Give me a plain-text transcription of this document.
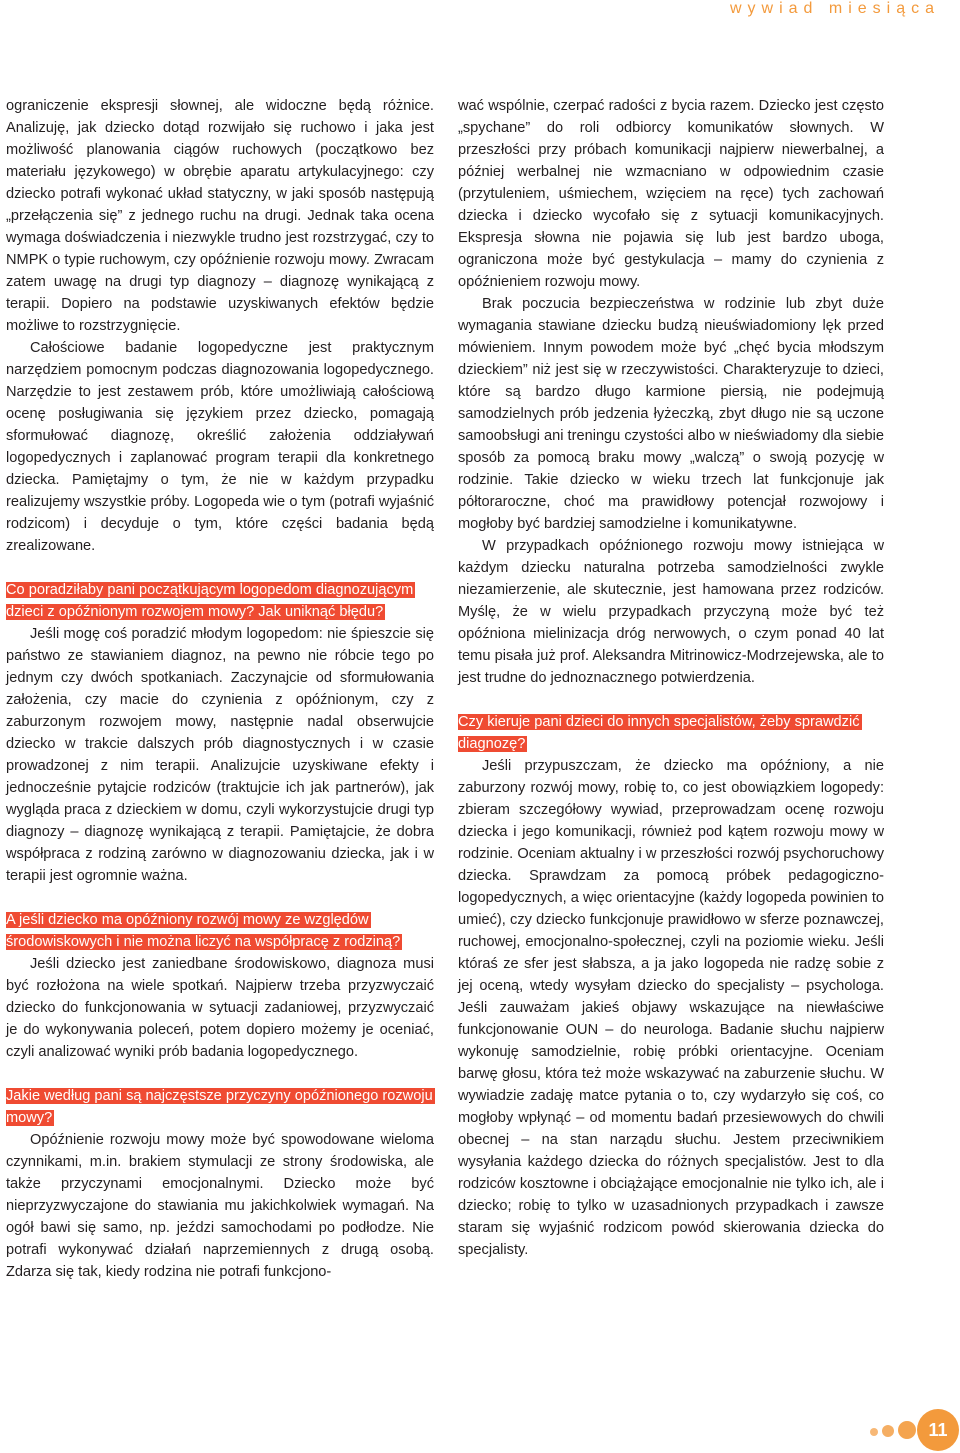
wywiad miesiąca

ograniczenie ekspresji słownej, ale widoczne będą różnice. Analizuję, jak dziecko dotąd rozwijało się ruchowo i jaka jest możliwość planowania ciągów ruchowych (początkowo bez materiału językowego) w obrębie aparatu artykulacyjnego: czy dziecko potrafi wykonać układ statyczny, w jaki sposób następują „przełączenia się” z jednego ruchu na drugi. Jednak taka ocena wymaga doświadczenia i niezwykle trudno jest rozstrzygać, czy to NMPK o typie ruchowym, czy opóźnienie rozwoju mowy. Zwracam zatem uwagę na drugi typ diagnozy – diagnozę wynikającą z terapii. Dopiero na podstawie uzyskiwanych efektów będzie możliwe to rozstrzygnięcie.

Całościowe badanie logopedyczne jest praktycznym narzędziem pomocnym podczas diagnozowania logopedycznego. Narzędzie to jest zestawem prób, które umożliwiają całościową ocenę posługiwania się językiem przez dziecko, pomagają sformułować diagnozę, określić założenia oddziaływań logopedycznych i zaplanować program terapii dla konkretnego dziecka. Pamiętajmy o tym, że nie w każdym przypadku realizujemy wszystkie próby. Logopeda wie o tym (potrafi wyjaśnić rodzicom) i decyduje o tym, które części badania będą zrealizowane.

Co poradziłaby pani początkującym logopedom diagnozującym dzieci z opóźnionym rozwojem mowy? Jak uniknąć błędu?

Jeśli mogę coś poradzić młodym logopedom: nie śpieszcie się państwo ze stawianiem diagnoz, na pewno nie róbcie tego po jednym czy dwóch spotkaniach. Zaczynajcie od sformułowania założenia, czy macie do czynienia z opóźnionym, czy z zaburzonym rozwojem mowy, następnie nadal obserwujcie dziecko w trakcie dalszych prób diagnostycznych i w czasie prowadzonej z nim terapii. Analizujcie uzyskiwane efekty i jednocześnie pytajcie rodziców (traktujcie ich jak partnerów), jak wygląda praca z dzieckiem w domu, czyli wykorzystujcie drugi typ diagnozy – diagnozę wynikającą z terapii. Pamiętajcie, że dobra współpraca z rodziną zarówno w diagnozowaniu dziecka, jak i w terapii jest ogromnie ważna.

A jeśli dziecko ma opóźniony rozwój mowy ze względów środowiskowych i nie można liczyć na współpracę z rodziną?

Jeśli dziecko jest zaniedbane środowiskowo, diagnoza musi być rozłożona na wiele spotkań. Najpierw trzeba przyzwyczaić dziecko do funkcjonowania w sytuacji zadaniowej, przyzwyczaić je do wykonywania poleceń, potem dopiero możemy je oceniać, czyli analizować wyniki prób badania logopedycznego.

Jakie według pani są najczęstsze przyczyny opóźnionego rozwoju mowy?

Opóźnienie rozwoju mowy może być spowodowane wieloma czynnikami, m.in. brakiem stymulacji ze strony środowiska, ale także przyczynami emocjonalnymi. Dziecko może być nieprzyzwyczajone do stawiania mu jakichkolwiek wymagań. Na ogół bawi się samo, np. jeździ samochodami po podłodze. Nie potrafi wykonywać działań naprzemiennych z drugą osobą. Zdarza się tak, kiedy rodzina nie potrafi funkcjono-

wać wspólnie, czerpać radości z bycia razem. Dziecko jest często „spychane” do roli odbiorcy komunikatów słownych. W przeszłości przy próbach komunikacji najpierw niewerbalnej, a później werbalnej nie wzmacniano w odpowiednim czasie (przytuleniem, uśmiechem, wzięciem na ręce) tych zachowań dziecka i dziecko wycofało się z sytuacji komunikacyjnych. Ekspresja słowna nie pojawia się lub jest bardzo uboga, ograniczona może być gestykulacja – mamy do czynienia z opóźnieniem rozwoju mowy.

Brak poczucia bezpieczeństwa w rodzinie lub zbyt duże wymagania stawiane dziecku budzą nieuświadomiony lęk przed mówieniem. Innym powodem może być „chęć bycia młodszym dzieckiem” niż jest się w rzeczywistości. Charakteryzuje to dzieci, które są bardzo długo karmione piersią, nie podejmują samodzielnych prób jedzenia łyżeczką, zbyt długo nie są uczone samoobsługi ani treningu czystości albo w nieświadomy dla siebie sposób za pomocą braku mowy „walczą” o swoją pozycję w rodzinie. Takie dziecko w wieku trzech lat funkcjonuje jak półtoraroczne, choć ma prawidłowy potencjał rozwojowy i mogłoby być bardziej samodzielne i komunikatywne.

W przypadkach opóźnionego rozwoju mowy istniejąca w każdym dziecku naturalna potrzeba samodzielności zwykle niezamierzenie, ale skutecznie, jest hamowana przez rodziców. Myślę, że w wielu przypadkach przyczyną może być też opóźniona mielinizacja dróg nerwowych, o czym ponad 40 lat temu pisała już prof. Aleksandra Mitrinowicz-Modrzejewska, ale to jest trudne do jednoznacznego potwierdzenia.

Czy kieruje pani dzieci do innych specjalistów, żeby sprawdzić diagnozę?

Jeśli przypuszczam, że dziecko ma opóźniony, a nie zaburzony rozwój mowy, robię to, co jest obowiązkiem logopedy: zbieram szczegółowy wywiad, przeprowadzam ocenę rozwoju dziecka i jego komunikacji, również pod kątem rozwoju mowy w rodzinie. Oceniam aktualny i w przeszłości rozwój psychoruchowy dziecka. Sprawdzam za pomocą próbek pedagogiczno-logopedycznych, a więc orientacyjne (każdy logopeda powinien to umieć), czy dziecko funkcjonuje prawidłowo w sferze poznawczej, ruchowej, emocjonalno-społecznej, czyli na poziomie wieku. Jeśli któraś ze sfer jest słabsza, a ja jako logopeda nie radzę sobie z jej oceną, wtedy wysyłam dziecko do specjalisty – psychologa. Jeśli zauważam jakieś objawy wskazujące na niewłaściwe funkcjonowanie OUN – do neurologa. Badanie słuchu najpierw wykonuję samodzielnie, robię próbki orientacyjne. Oceniam barwę głosu, która też może wskazywać na zaburzenie słuchu. W wywiadzie zadaję matce pytania o to, czy wydarzyło się coś, co mogłoby wpłynąć – od momentu badań przesiewowych do chwili obecnej – na stan narządu słuchu. Jestem przeciwnikiem wysyłania każdego dziecka do różnych specjalistów. Jest to dla rodziców kosztowne i obciążające emocjonalnie nie tylko ich, ale i dziecko; robię to tylko w uzasadnionych przypadkach i zawsze staram się wyjaśnić rodzicom powód skierowania dziecka do specjalisty.

11
